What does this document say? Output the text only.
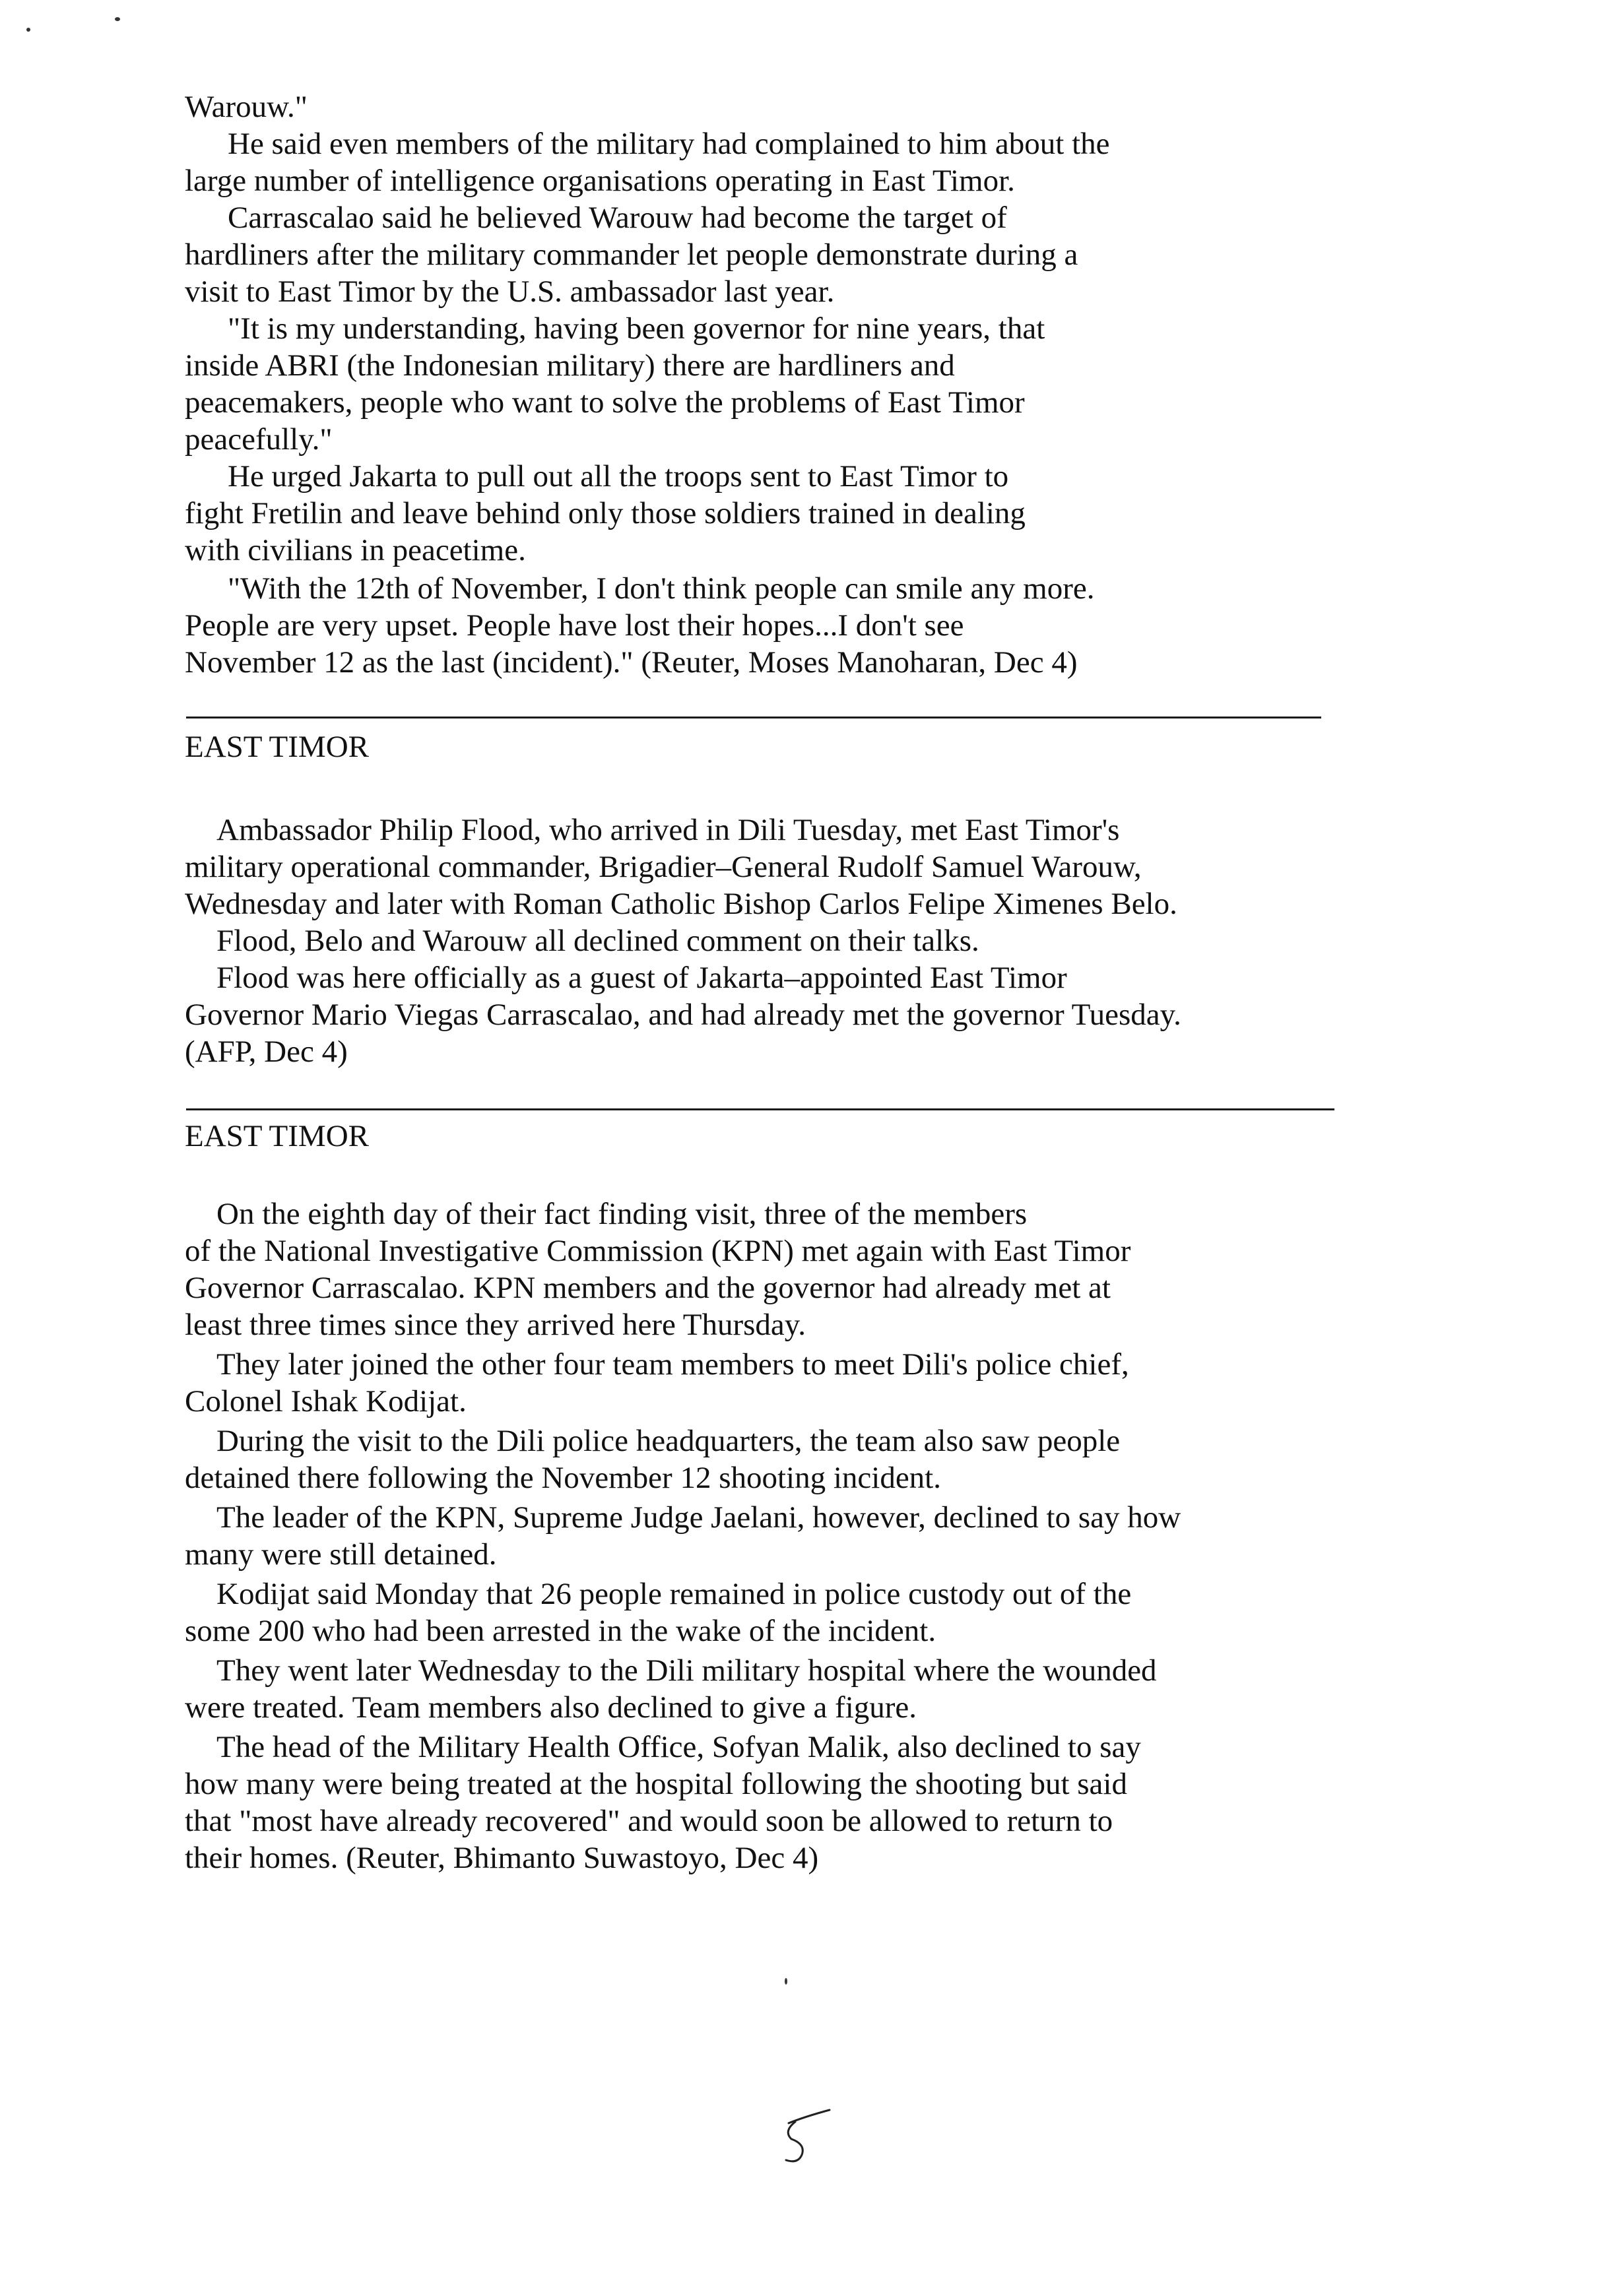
Warouw."
He said even members of the military had complained to him about the
large number of intelligence organisations operating in East Timor.
Carrascalao said he believed Warouw had become the target of
hardliners after the military commander let people demonstrate during a
visit to East Timor by the U.S. ambassador last year.
"It is my understanding, having been governor for nine years, that
inside ABRI (the Indonesian military) there are hardliners and
peacemakers, people who want to solve the problems of East Timor
peacefully."
He urged Jakarta to pull out all the troops sent to East Timor to
fight Fretilin and leave behind only those soldiers trained in dealing
with civilians in peacetime.
"With the 12th of November, I don't think people can smile any more.
People are very upset. People have lost their hopes...I don't see
November 12 as the last (incident)." (Reuter, Moses Manoharan, Dec 4)
EAST TIMOR
Ambassador Philip Flood, who arrived in Dili Tuesday, met East Timor's
military operational commander, Brigadier–General Rudolf Samuel Warouw,
Wednesday and later with Roman Catholic Bishop Carlos Felipe Ximenes Belo.
Flood, Belo and Warouw all declined comment on their talks.
Flood was here officially as a guest of Jakarta–appointed East Timor
Governor Mario Viegas Carrascalao, and had already met the governor Tuesday.
(AFP, Dec 4)
EAST TIMOR
On the eighth day of their fact finding visit, three of the members
of the National Investigative Commission (KPN) met again with East Timor
Governor Carrascalao. KPN members and the governor had already met at
least three times since they arrived here Thursday.
They later joined the other four team members to meet Dili's police chief,
Colonel Ishak Kodijat.
During the visit to the Dili police headquarters, the team also saw people
detained there following the November 12 shooting incident.
The leader of the KPN, Supreme Judge Jaelani, however, declined to say how
many were still detained.
Kodijat said Monday that 26 people remained in police custody out of the
some 200 who had been arrested in the wake of the incident.
They went later Wednesday to the Dili military hospital where the wounded
were treated. Team members also declined to give a figure.
The head of the Military Health Office, Sofyan Malik, also declined to say
how many were being treated at the hospital following the shooting but said
that "most have already recovered" and would soon be allowed to return to
their homes. (Reuter, Bhimanto Suwastoyo, Dec 4)
